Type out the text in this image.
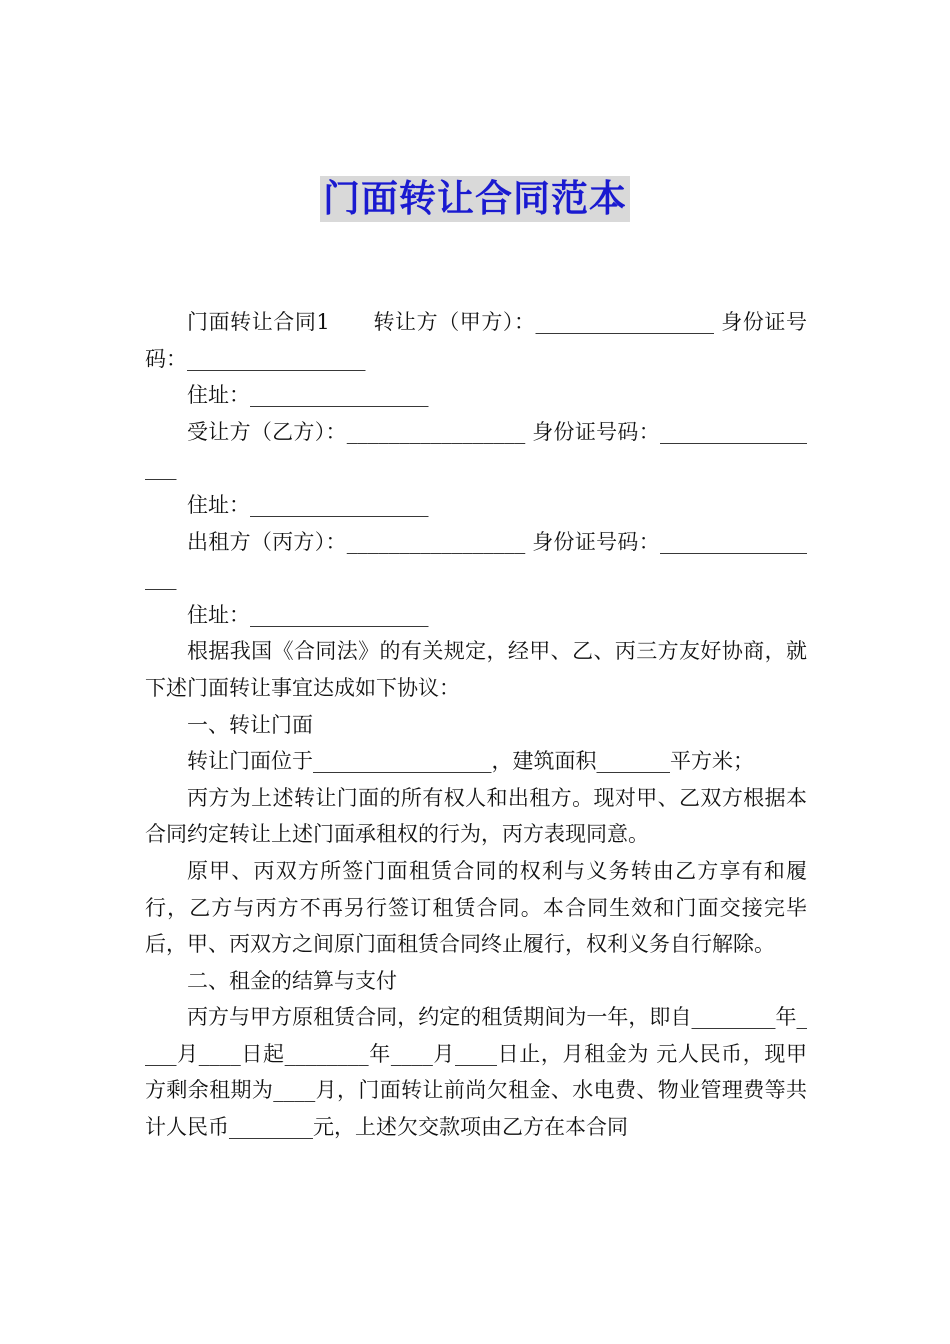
门面转让合同范本

门面转让合同1　　转让方（甲方）：_________________ 身份证号码：_________________

住址：_________________

受让方（乙方）：_________________ 身份证号码：_________________

住址：_________________

出租方（丙方）：_________________ 身份证号码：_________________

住址：_________________

根据我国《合同法》的有关规定，经甲、乙、丙三方友好协商，就下述门面转让事宜达成如下协议：

一、转让门面

转让门面位于_________________，建筑面积_______平方米；

丙方为上述转让门面的所有权人和出租方。现对甲、乙双方根据本合同约定转让上述门面承租权的行为，丙方表现同意。

原甲、丙双方所签门面租赁合同的权利与义务转由乙方享有和履行，乙方与丙方不再另行签订租赁合同。本合同生效和门面交接完毕后，甲、丙双方之间原门面租赁合同终止履行，权利义务自行解除。

二、租金的结算与支付

丙方与甲方原租赁合同，约定的租赁期间为一年，即自________年____月____日起________年____月____日止，月租金为 元人民币，现甲方剩余租期为____月，门面转让前尚欠租金、水电费、物业管理费等共计人民币________元，上述欠交款项由乙方在本合同
